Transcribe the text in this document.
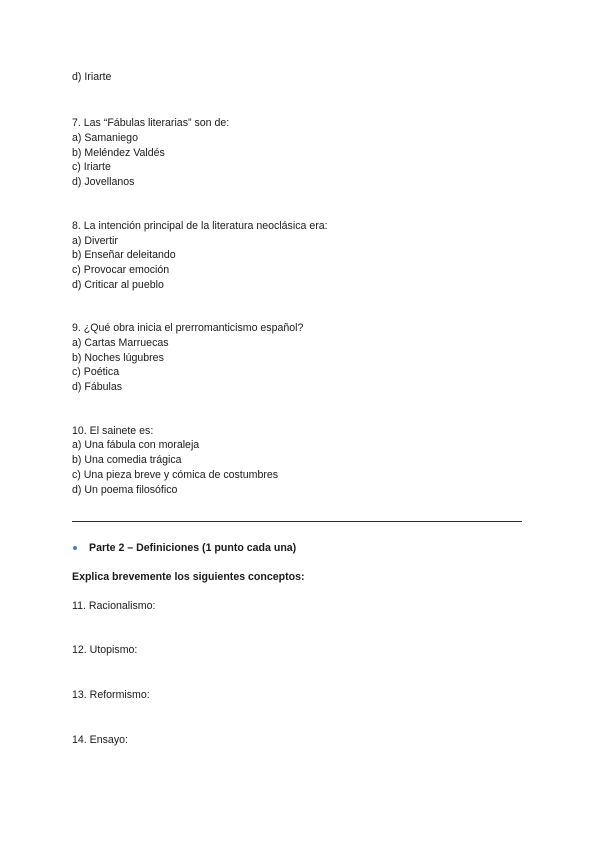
d) Iriarte
7. Las “Fábulas literarias” son de:
a) Samaniego
b) Meléndez Valdés
c) Iriarte
d) Jovellanos
8. La intención principal de la literatura neoclásica era:
a) Divertir
b) Enseñar deleitando
c) Provocar emoción
d) Criticar al pueblo
9. ¿Qué obra inicia el prerromanticismo español?
a) Cartas Marruecas
b) Noches lúgubres
c) Poética
d) Fábulas
10. El sainete es:
a) Una fábula con moraleja
b) Una comedia trágica
c) Una pieza breve y cómica de costumbres
d) Un poema filosófico
Parte 2 – Definiciones (1 punto cada una)
Explica brevemente los siguientes conceptos:
11. Racionalismo:
12. Utopismo:
13. Reformismo:
14. Ensayo:
